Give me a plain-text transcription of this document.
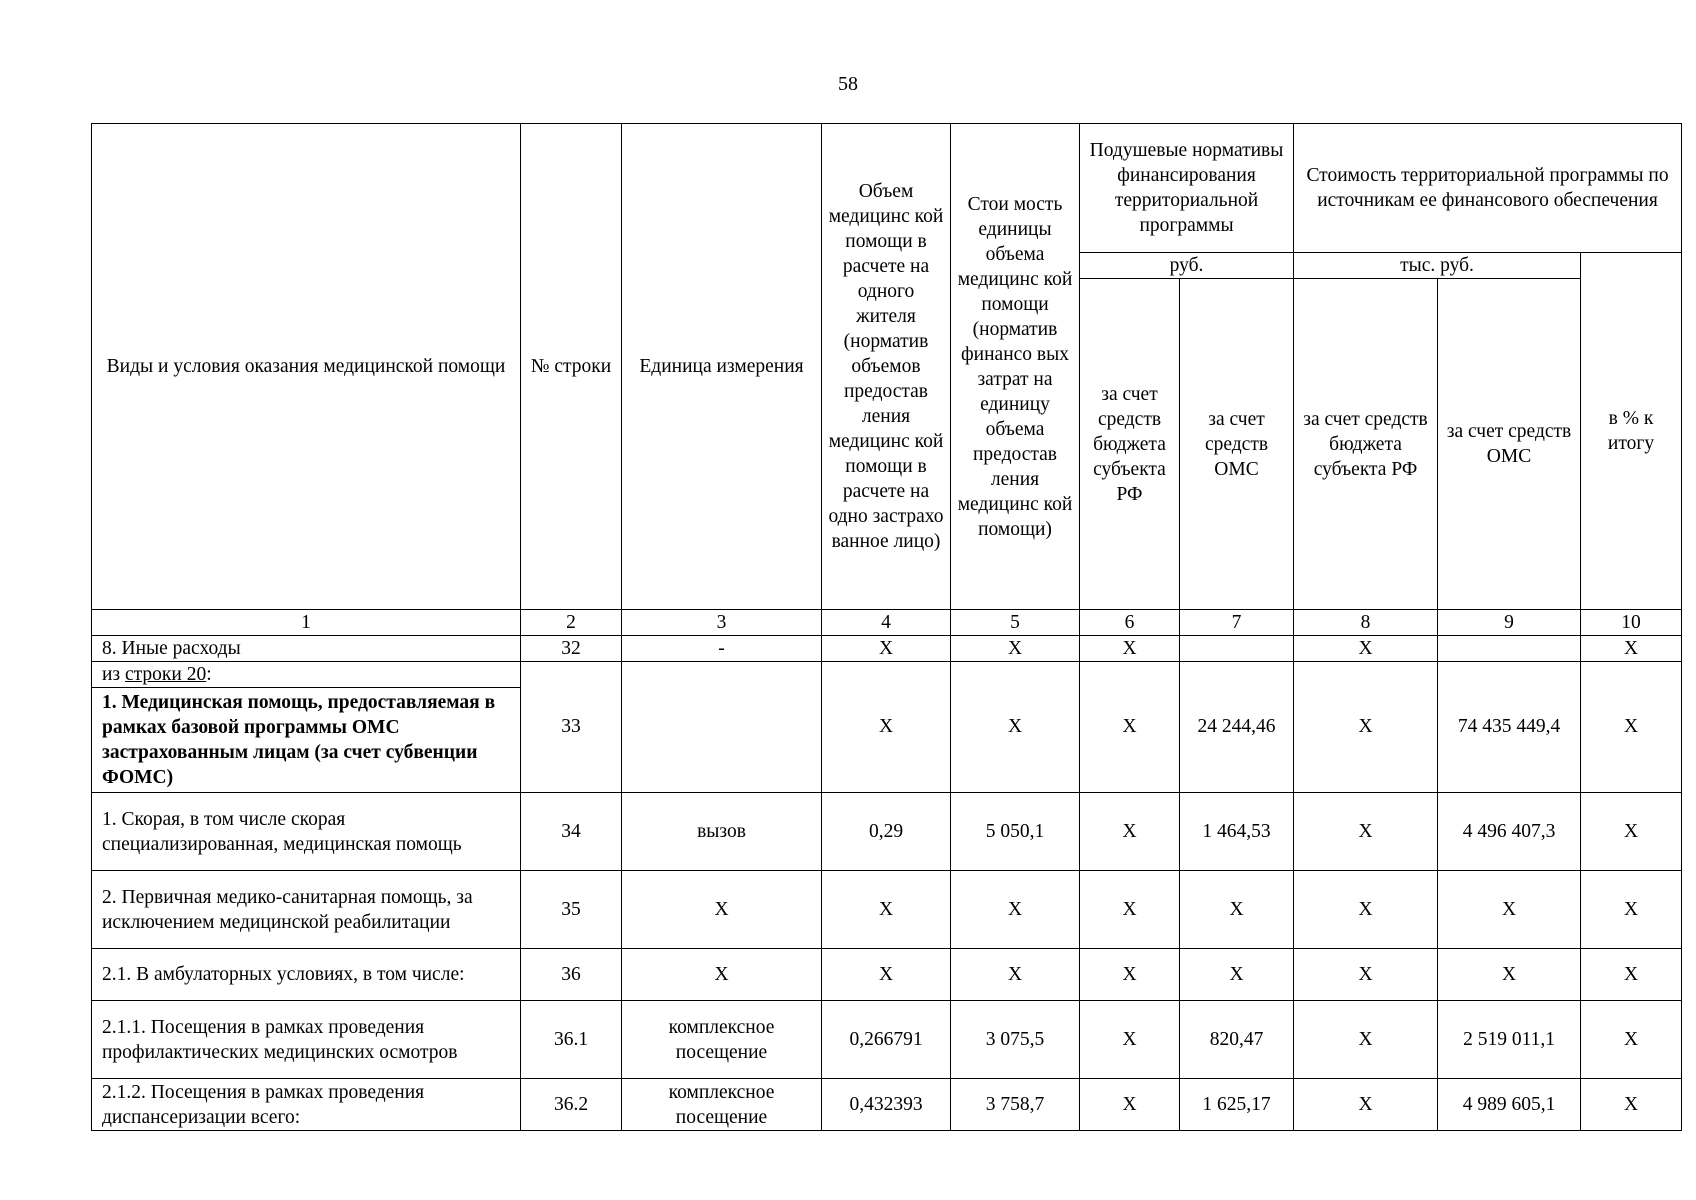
58
Виды и условия оказания медицинской помощи	№ строки	Единица измерения	Объем медицинс кой помощи в расчете на одного жителя (норматив объемов предостав ления медицинс кой помощи в расчете на одно застрахо ванное лицо)	Стои мость единицы объема медицинс кой помощи (норматив финансо вых затрат на единицу объема предостав ления медицинс кой помощи)	Подушевые нормативы финансирования территориальной программы		Стоимость территориальной программы по источникам ее финансового обеспечения		
					руб.		тыс. руб.		в % к итогу
					за счет средств бюджета субъекта РФ	за счет средств ОМС	за счет средств бюджета субъекта РФ	за счет средств ОМС	
1	2	3	4	5	6	7	8	9	10
8. Иные расходы	32	-	Х	Х	Х		Х		Х
из строки 20:	33		Х	Х	Х	24 244,46	Х	74 435 449,4	Х
1. Медицинская помощь, предоставляемая в рамках базовой программы ОМС застрахованным лицам (за счет субвенции ФОМС)									
1. Скорая, в том числе скорая специализированная, медицинская помощь	34	вызов	0,29	5 050,1	Х	1 464,53	Х	4 496 407,3	Х
2. Первичная медико-санитарная помощь, за исключением медицинской реабилитации	35	Х	Х	Х	Х	Х	Х	Х	Х
2.1. В амбулаторных условиях, в том числе:	36	Х	Х	Х	Х	Х	Х	Х	Х
2.1.1. Посещения в рамках проведения профилактических медицинских осмотров	36.1	комплексное посещение	0,266791	3 075,5	Х	820,47	Х	2 519 011,1	Х
2.1.2. Посещения в рамках проведения диспансеризации всего:	36.2	комплексное посещение	0,432393	3 758,7	Х	1 625,17	Х	4 989 605,1	Х
